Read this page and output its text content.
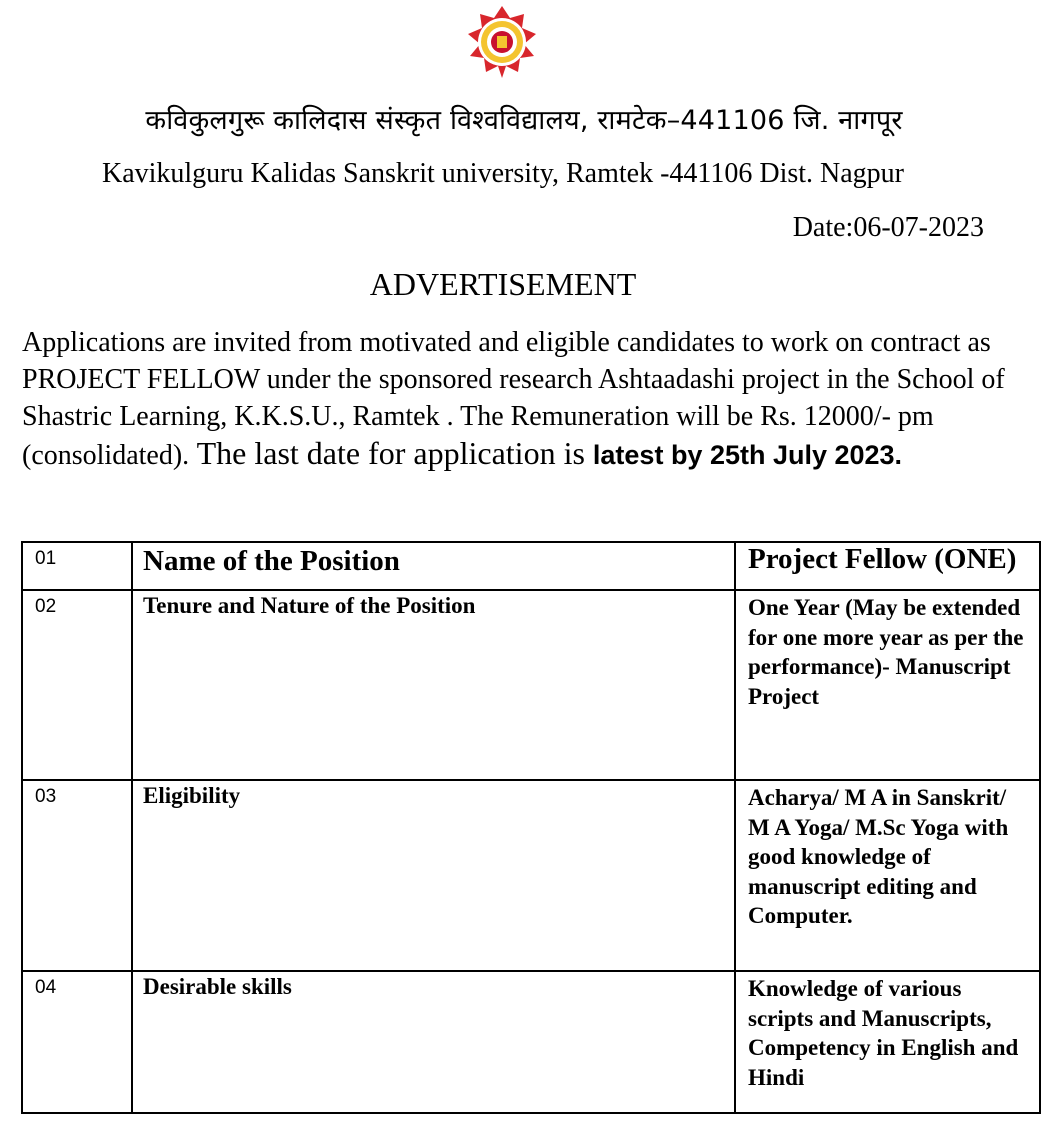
कविकुलगुरू कालिदास संस्कृत विश्वविद्यालय, रामटेक–441106 जि. नागपूर
Kavikulguru Kalidas Sanskrit university, Ramtek -441106 Dist. Nagpur
Date:06-07-2023
ADVERTISEMENT
Applications are invited from motivated and eligible candidates to work on contract as PROJECT FELLOW under the sponsored research Ashtaadashi project in the School of Shastric Learning, K.K.S.U., Ramtek . The Remuneration will be Rs. 12000/- pm (consolidated). The last date for application is latest by 25th July 2023.
01	Name of the Position	Project Fellow (ONE)
02	Tenure and Nature of the Position	One Year (May be extended for one more year as per the performance)- Manuscript Project
03	Eligibility	Acharya/ M A in Sanskrit/ M A Yoga/ M.Sc Yoga with good knowledge of manuscript editing and Computer.
04	Desirable skills	Knowledge of various scripts and Manuscripts, Competency in English and Hindi
